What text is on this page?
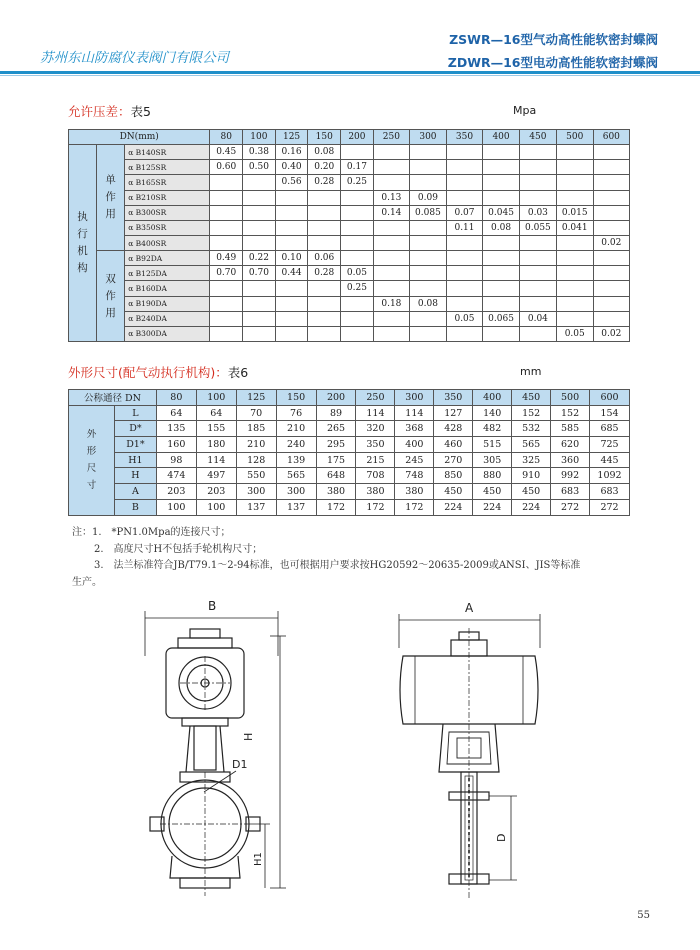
苏州东山防腐仪表阀门有限公司
ZSWR—16型气动高性能软密封蝶阀
ZDWR—16型电动高性能软密封蝶阀
允许压差：表5	Mpa
DN(mm)			80	100	125	150	200	250	300	350	400	450	500	600
执
行
机
构	单
作
用	α B140SR	0.45	0.38	0.16	0.08								
		α B125SR	0.60	0.50	0.40	0.20	0.17							
		α B165SR			0.56	0.28	0.25							
		α B210SR						0.13	0.09					
		α B300SR						0.14	0.085	0.07	0.045	0.03	0.015	
		α B350SR								0.11	0.08	0.055	0.041	
		α B400SR												0.02
	双
作
用	α B92DA	0.49	0.22	0.10	0.06								
		α B125DA	0.70	0.70	0.44	0.28	0.05							
		α B160DA					0.25							
		α B190DA						0.18	0.08					
		α B240DA								0.05	0.065	0.04		
		α B300DA											0.05	0.02
外形尺寸(配气动执行机构)：表6	mm
公称通径 DN		80	100	125	150	200	250	300	350	400	450	500	600
外
形
尺
寸	L	64	64	70	76	89	114	114	127	140	152	152	154
	D*	135	155	185	210	265	320	368	428	482	532	585	685
	D1*	160	180	210	240	295	350	400	460	515	565	620	725
	H1	98	114	128	139	175	215	245	270	305	325	360	445
	H	474	497	550	565	648	708	748	850	880	910	992	1092
	A	203	203	300	300	380	380	380	450	450	450	683	683
	B	100	100	137	137	172	172	172	224	224	224	272	272
注：1.　*PN1.0Mpa的连接尺寸；
2.　高度尺寸H不包括手轮机构尺寸；
3.　法兰标准符合JB/T79.1～2-94标准，也可根据用户要求按HG20592～20635-2009或ANSI、JIS等标准
生产。
B
H
D1
H1
A
D
55
